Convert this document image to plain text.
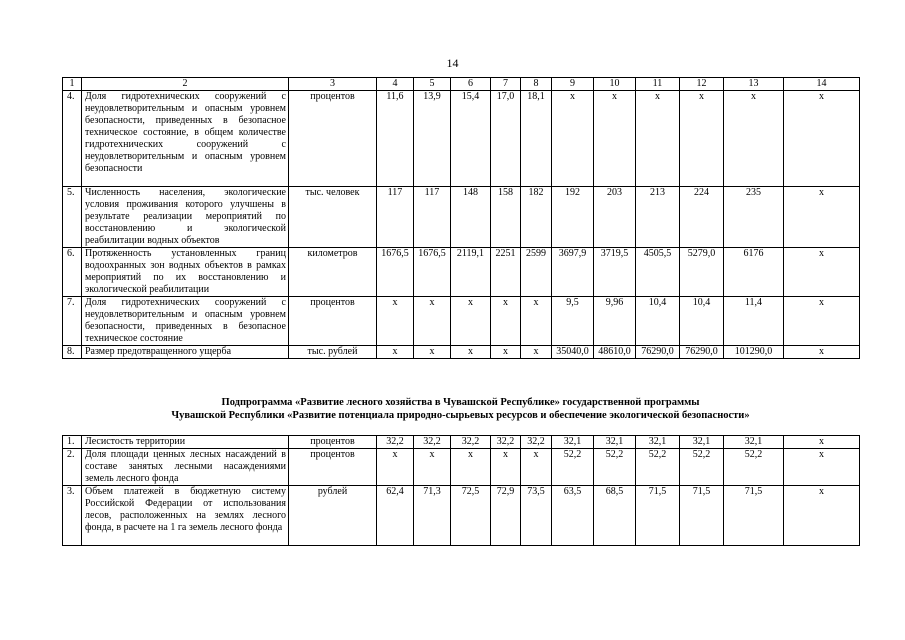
14
1	2	3	4	5	6	7	8	9	10	11	12	13	14
4.	Доля гидротехнических сооружений с неудовлетворительным и опасным уровнем безопасности, приведенных в безопасное техническое состояние, в общем количестве гидротехнических сооружений с неудовлетворительным и опасным уровнем безопасности	процентов	11,6	13,9	15,4	17,0	18,1	x	x	x	x	x	x
5.	Численность населения, экологические условия проживания которого улучшены в результате реализации мероприятий по восстановлению и экологической реабилитации водных объектов	тыс. человек	117	117	148	158	182	192	203	213	224	235	x
6.	Протяженность установленных границ водоохранных зон водных объектов в рамках мероприятий по их восстановлению и экологической реабилитации	километров	1676,5	1676,5	2119,1	2251	2599	3697,9	3719,5	4505,5	5279,0	6176	x
7.	Доля гидротехнических сооружений с неудовлетворительным и опасным уровнем безопасности, приведенных в безопасное техническое состояние	процентов	x	x	x	x	x	9,5	9,96	10,4	10,4	11,4	x
8.	Размер предотвращенного ущерба	тыс. рублей	x	x	x	x	x	35040,0	48610,0	76290,0	76290,0	101290,0	x
Подпрограмма «Развитие лесного хозяйства в Чувашской Республике» государственной программы
Чувашской Республики «Развитие потенциала природно-сырьевых ресурсов и обеспечение экологической безопасности»
1.	Лесистость территории	процентов	32,2	32,2	32,2	32,2	32,2	32,1	32,1	32,1	32,1	32,1	x
2.	Доля площади ценных лесных насаждений в составе занятых лесными насаждениями земель лесного фонда	процентов	x	x	x	x	x	52,2	52,2	52,2	52,2	52,2	x
3.	Объем платежей в бюджетную систему Российской Федерации от использования лесов, расположенных на землях лесного фонда, в расчете на 1 га земель лесного фонда	рублей	62,4	71,3	72,5	72,9	73,5	63,5	68,5	71,5	71,5	71,5	x
